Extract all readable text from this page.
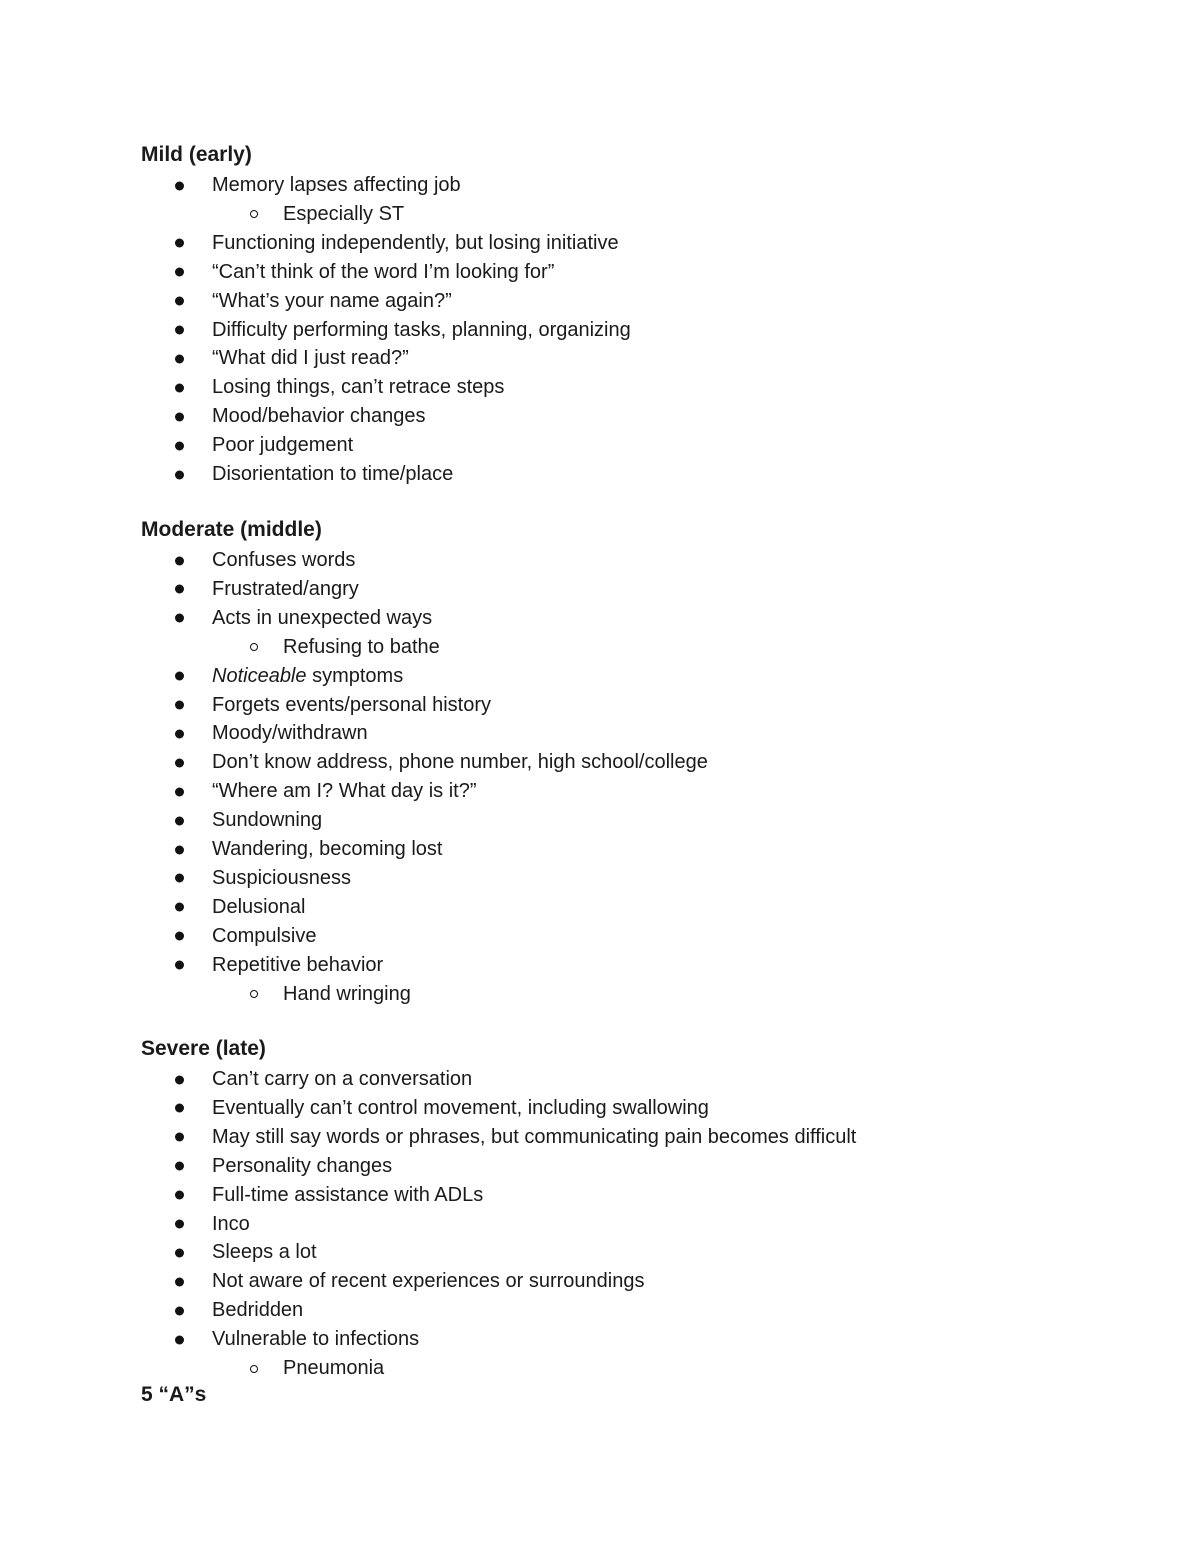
Mild (early)
Memory lapses affecting job
Especially ST
Functioning independently, but losing initiative
“Can’t think of the word I’m looking for”
“What’s your name again?”
Difficulty performing tasks, planning, organizing
“What did I just read?”
Losing things, can’t retrace steps
Mood/behavior changes
Poor judgement
Disorientation to time/place
Moderate (middle)
Confuses words
Frustrated/angry
Acts in unexpected ways
Refusing to bathe
Noticeable symptoms
Forgets events/personal history
Moody/withdrawn
Don’t know address, phone number, high school/college
“Where am I? What day is it?”
Sundowning
Wandering, becoming lost
Suspiciousness
Delusional
Compulsive
Repetitive behavior
Hand wringing
Severe (late)
Can’t carry on a conversation
Eventually can’t control movement, including swallowing
May still say words or phrases, but communicating pain becomes difficult
Personality changes
Full-time assistance with ADLs
Inco
Sleeps a lot
Not aware of recent experiences or surroundings
Bedridden
Vulnerable to infections
Pneumonia
5 “A”s
